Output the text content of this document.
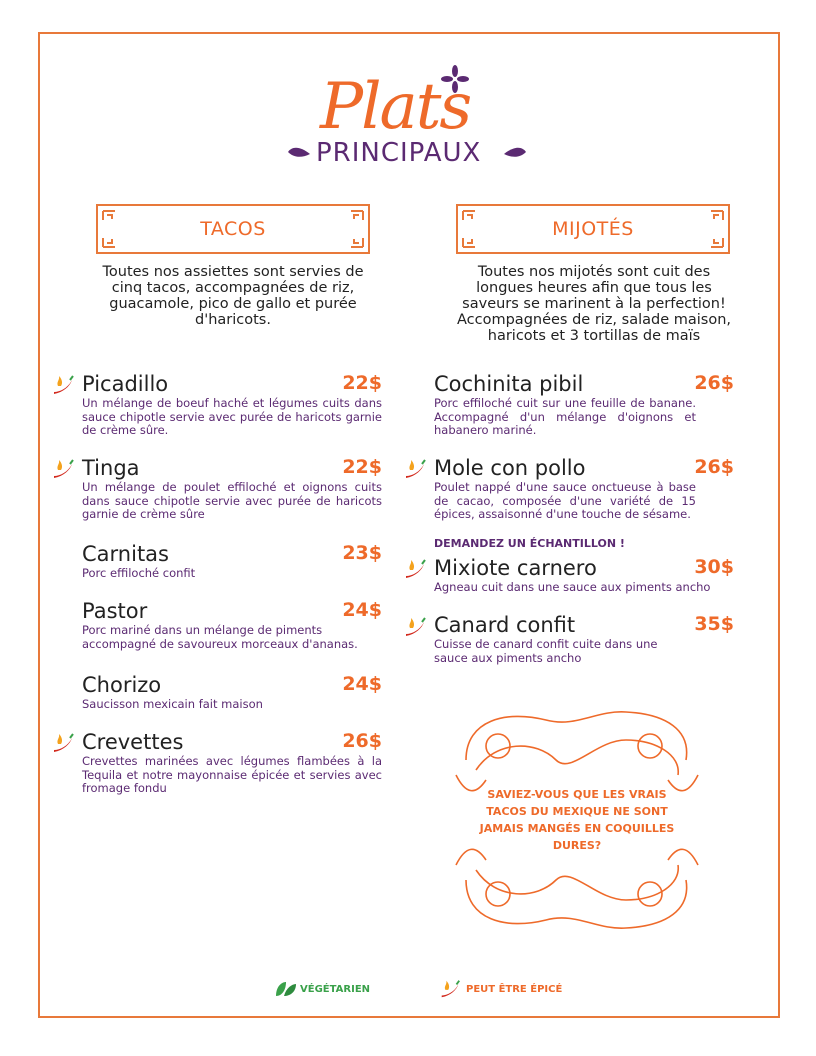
Plats
PRINCIPAUX
TACOS
Toutes nos assiettes sont servies de cinq tacos, accompagnées de riz, guacamole, pico de gallo et purée d'haricots.
MIJOTÉS
Toutes nos mijotés sont cuit des longues heures afin que tous les saveurs se marinent à la perfection! Accompagnées de riz, salade maison, haricots et 3 tortillas de maïs
Picadillo	22$
Un mélange de boeuf haché et légumes cuits dans sauce chipotle servie avec purée de haricots garnie de crème sûre.
Tinga	22$
Un mélange de poulet effiloché et oignons cuits dans sauce chipotle servie avec purée de haricots garnie de crème sûre
Carnitas	23$
Porc effiloché confit
Pastor	24$
Porc mariné dans un mélange de piments accompagné de savoureux morceaux d'ananas.
Chorizo	24$
Saucisson mexicain fait maison
Crevettes	26$
Crevettes marinées avec légumes flambées à la Tequila et notre mayonnaise épicée et servies avec fromage fondu
Cochinita pibil	26$
Porc effiloché cuit sur une feuille de banane. Accompagné d'un mélange d'oignons et habanero mariné.
Mole con pollo	26$
Poulet nappé d'une sauce onctueuse à base de cacao, composée d'une variété de 15 épices, assaisonné d'une touche de sésame.
DEMANDEZ UN ÉCHANTILLON !
Mixiote carnero	30$
Agneau cuit dans une sauce aux piments ancho
Canard confit	35$
Cuisse de canard confit cuite dans une sauce aux piments ancho
SAVIEZ-VOUS QUE LES VRAIS TACOS DU MEXIQUE NE SONT JAMAIS MANGÉS EN COQUILLES DURES?
VÉGÉTARIEN	PEUT ÊTRE ÉPICÉ
